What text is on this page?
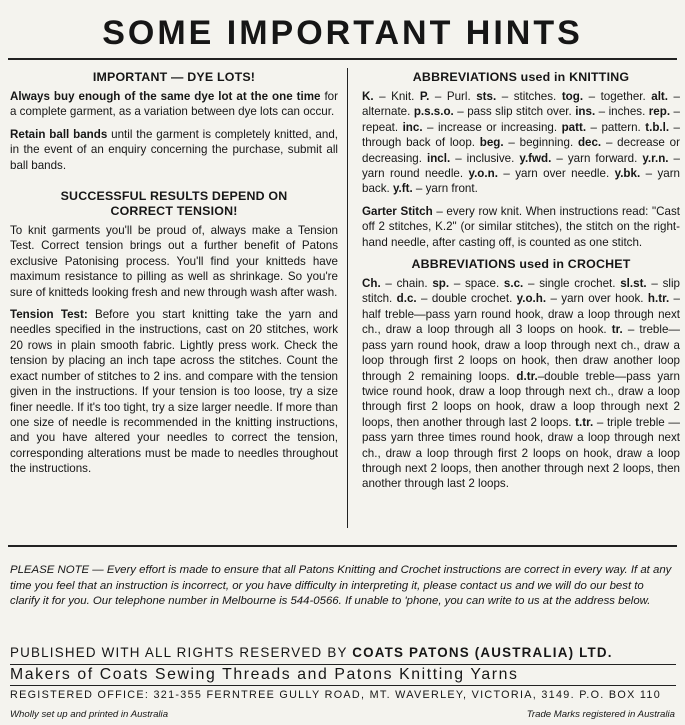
SOME IMPORTANT HINTS
IMPORTANT — DYE LOTS!

Always buy enough of the same dye lot at the one time for a complete garment, as a variation between dye lots can occur.

Retain ball bands until the garment is completely knitted, and, in the event of an enquiry concerning the purchase, submit all ball bands.

SUCCESSFUL RESULTS DEPEND ON CORRECT TENSION!

To knit garments you'll be proud of, always make a Tension Test. Correct tension brings out a further benefit of Patons exclusive Patonising process. You'll find your knitteds have maximum resistance to pilling as well as shrinkage. So you're sure of knitteds looking fresh and new through wash after wash.

Tension Test: Before you start knitting take the yarn and needles specified in the instructions, cast on 20 stitches, work 20 rows in plain smooth fabric. Lightly press work. Check the tension by placing an inch tape across the stitches. Count the exact number of stitches to 2 ins. and compare with the tension given in the instructions. If your tension is too loose, try a size finer needle. If it's too tight, try a size larger needle. If more than one size of needle is recommended in the knitting instructions, and you have altered your needles to correct the tension, corresponding alterations must be made to needles throughout the instructions.

ABBREVIATIONS used in KNITTING

K. – Knit. P. – Purl. sts. – stitches. tog. – together. alt. – alternate. p.s.s.o. – pass slip stitch over. ins. – inches. rep. – repeat. inc. – increase or increasing. patt. – pattern. t.b.l. – through back of loop. beg. – beginning. dec. – decrease or decreasing. incl. – inclusive. y.fwd. – yarn forward. y.r.n. – yarn round needle. y.o.n. – yarn over needle. y.bk. – yarn back. y.ft. – yarn front.

Garter Stitch – every row knit. When instructions read: "Cast off 2 stitches, K.2" (or similar stitches), the stitch on the right-hand needle, after casting off, is counted as one stitch.

ABBREVIATIONS used in CROCHET

Ch. – chain. sp. – space. s.c. – single crochet. sl.st. – slip stitch. d.c. – double crochet. y.o.h. – yarn over hook. h.tr. – half treble—pass yarn round hook, draw a loop through next ch., draw a loop through all 3 loops on hook. tr. – treble—pass yarn round hook, draw a loop through next ch., draw a loop through first 2 loops on hook, then draw another loop through 2 remaining loops. d.tr.–double treble—pass yarn twice round hook, draw a loop through next ch., draw a loop through first 2 loops on hook, draw a loop through next 2 loops, then another through last 2 loops. t.tr. – triple treble — pass yarn three times round hook, draw a loop through next ch., draw a loop through first 2 loops on hook, draw a loop through next 2 loops, then another through next 2 loops, then another through last 2 loops.

PLEASE NOTE — Every effort is made to ensure that all Patons Knitting and Crochet instructions are correct in every way. If at any time you feel that an instruction is incorrect, or you have difficulty in interpreting it, please contact us and we will do our best to clarify it for you. Our telephone number in Melbourne is 544-0566. If unable to 'phone, you can write to us at the address below.
PUBLISHED WITH ALL RIGHTS RESERVED BY COATS PATONS (AUSTRALIA) LTD.
Makers of Coats Sewing Threads and Patons Knitting Yarns
REGISTERED OFFICE: 321-355 FERNTREE GULLY ROAD, MT. WAVERLEY, VICTORIA, 3149. P.O. BOX 110
Wholly set up and printed in Australia	Trade Marks registered in Australia
